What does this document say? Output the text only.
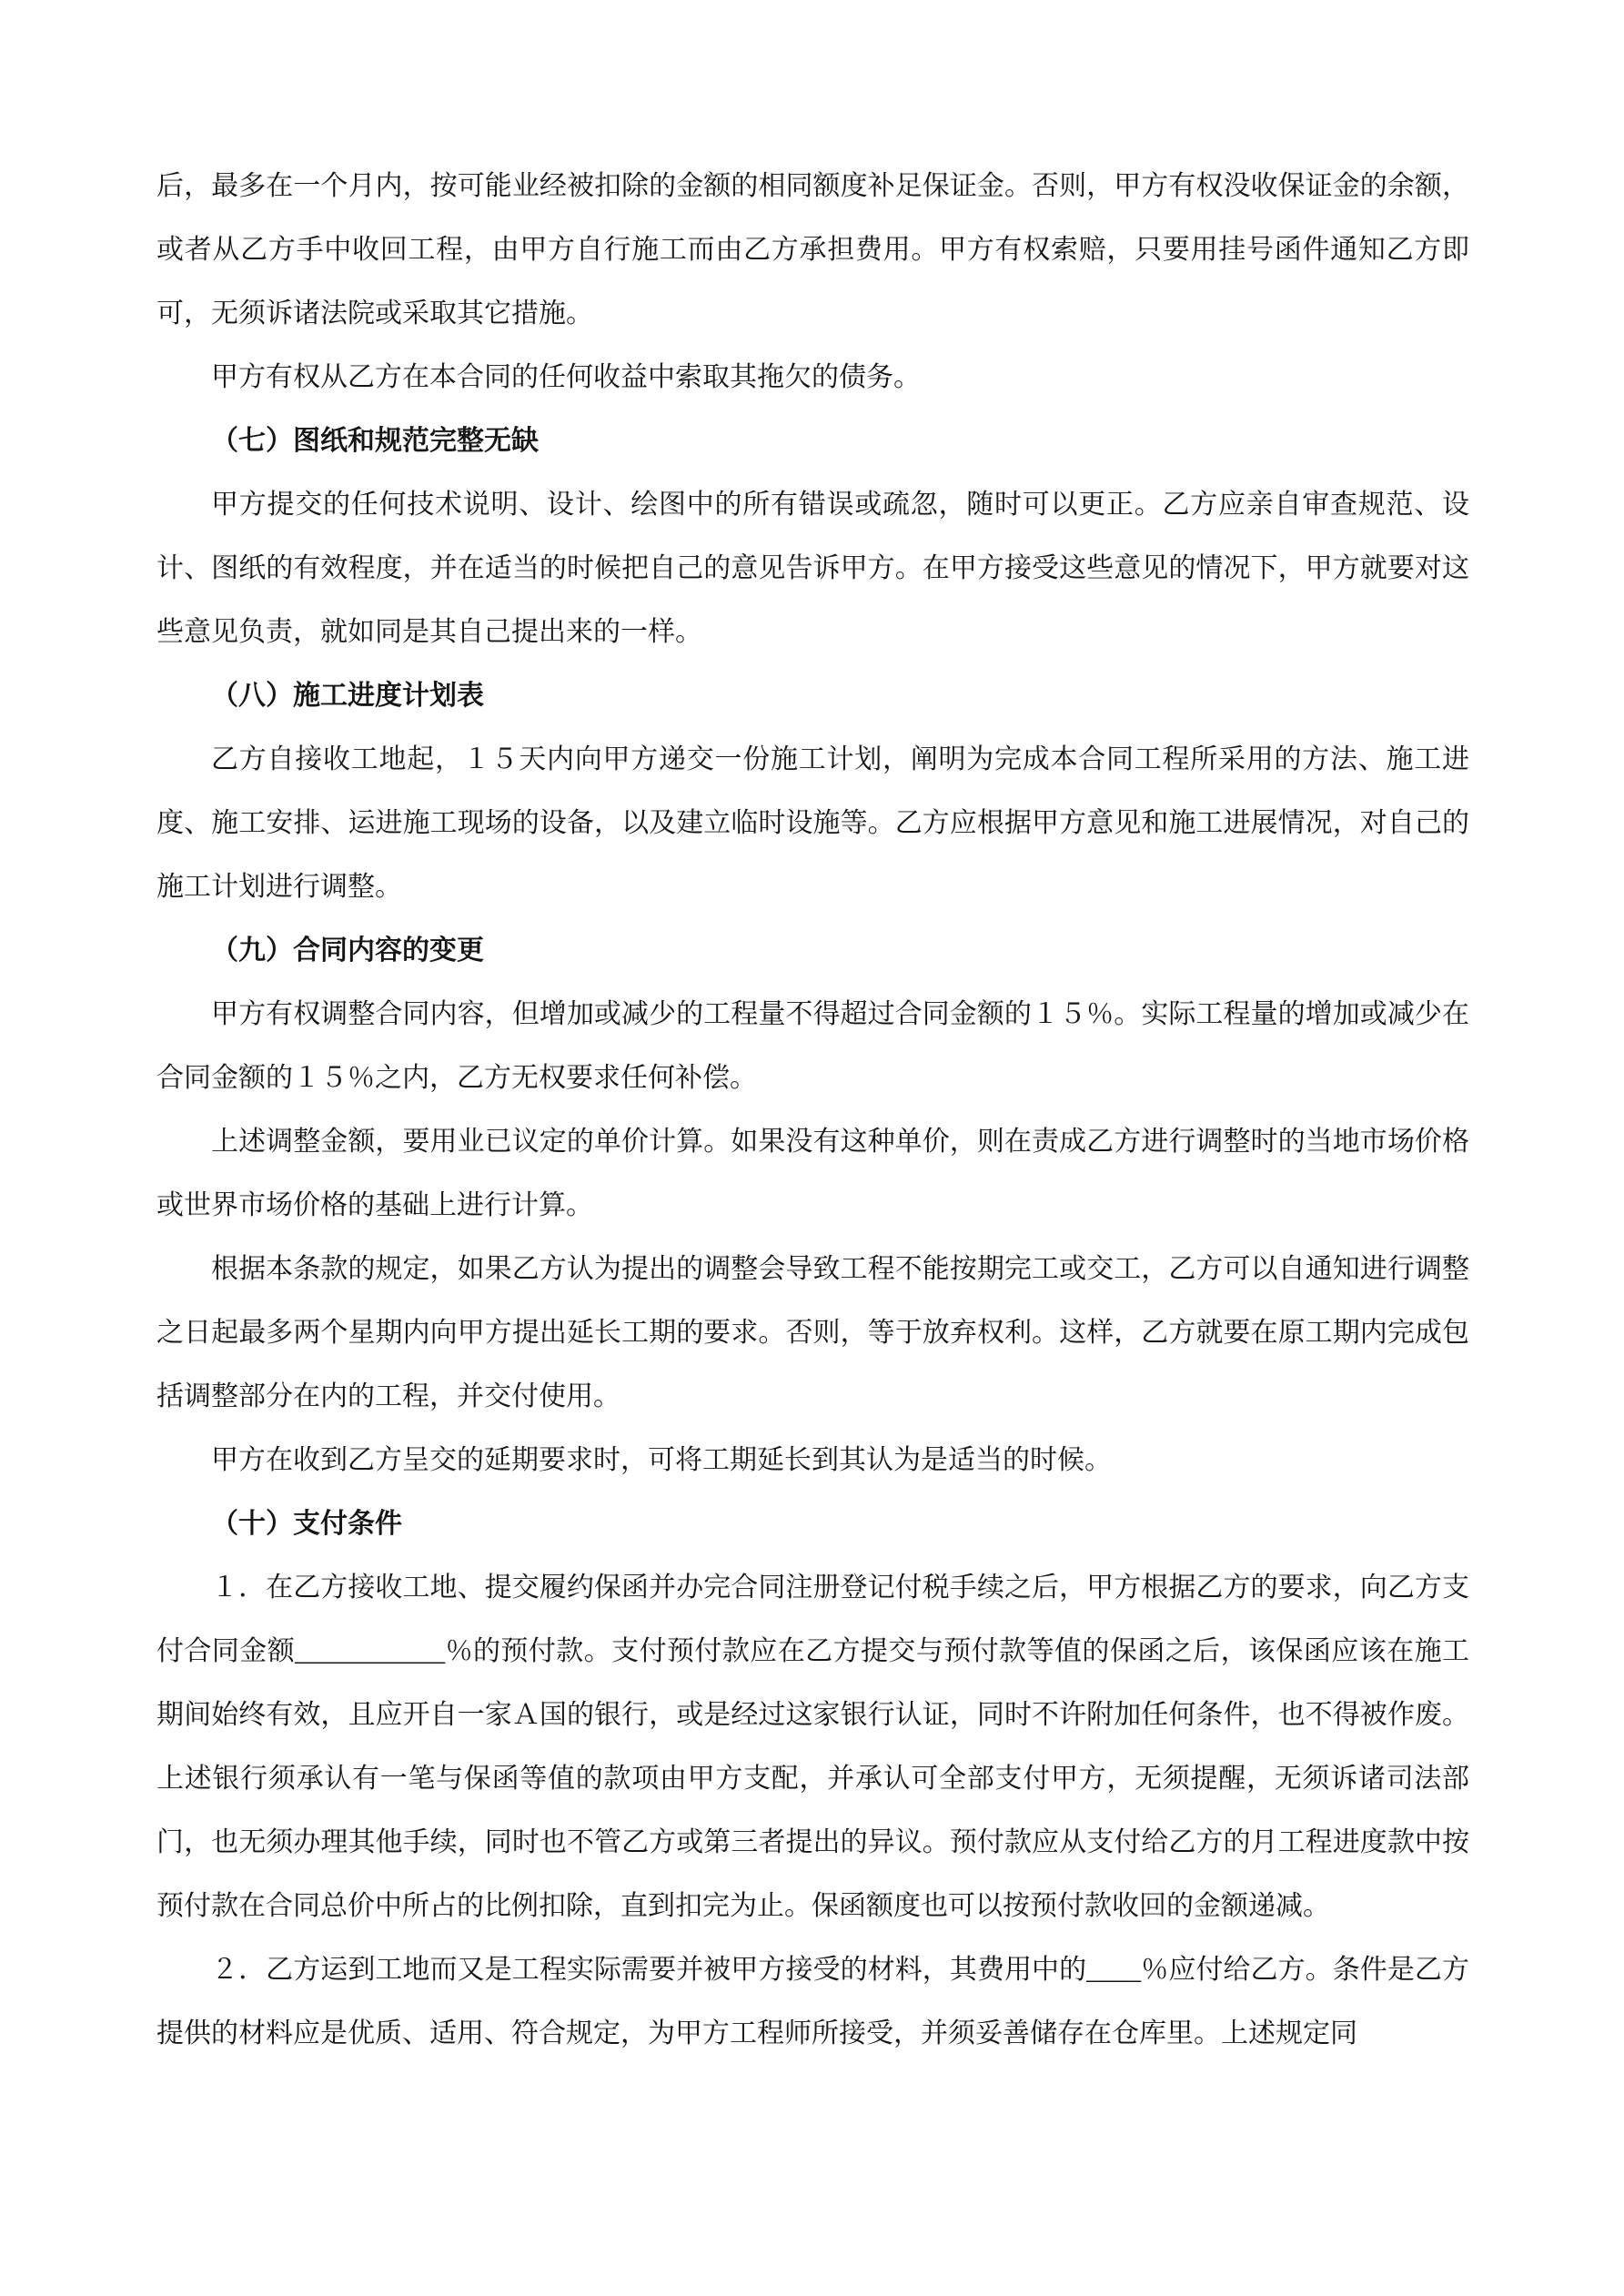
后，最多在一个月内，按可能业经被扣除的金额的相同额度补足保证金。否则，甲方有权没收保证金的余额，或者从乙方手中收回工程，由甲方自行施工而由乙方承担费用。甲方有权索赔，只要用挂号函件通知乙方即可，无须诉诸法院或采取其它措施。

甲方有权从乙方在本合同的任何收益中索取其拖欠的债务。

（七）图纸和规范完整无缺

甲方提交的任何技术说明、设计、绘图中的所有错误或疏忽，随时可以更正。乙方应亲自审查规范、设计、图纸的有效程度，并在适当的时候把自己的意见告诉甲方。在甲方接受这些意见的情况下，甲方就要对这些意见负责，就如同是其自己提出来的一样。

（八）施工进度计划表

乙方自接收工地起，１５天内向甲方递交一份施工计划，阐明为完成本合同工程所采用的方法、施工进度、施工安排、运进施工现场的设备，以及建立临时设施等。乙方应根据甲方意见和施工进展情况，对自己的施工计划进行调整。

（九）合同内容的变更

甲方有权调整合同内容，但增加或减少的工程量不得超过合同金额的１５％。实际工程量的增加或减少在合同金额的１５％之内，乙方无权要求任何补偿。

上述调整金额，要用业已议定的单价计算。如果没有这种单价，则在责成乙方进行调整时的当地市场价格或世界市场价格的基础上进行计算。

根据本条款的规定，如果乙方认为提出的调整会导致工程不能按期完工或交工，乙方可以自通知进行调整之日起最多两个星期内向甲方提出延长工期的要求。否则，等于放弃权利。这样，乙方就要在原工期内完成包括调整部分在内的工程，并交付使用。

甲方在收到乙方呈交的延期要求时，可将工期延长到其认为是适当的时候。

（十）支付条件

１．在乙方接收工地、提交履约保函并办完合同注册登记付税手续之后，甲方根据乙方的要求，向乙方支付合同金额___________％的预付款。支付预付款应在乙方提交与预付款等值的保函之后，该保函应该在施工期间始终有效，且应开自一家Ａ国的银行，或是经过这家银行认证，同时不许附加任何条件，也不得被作废。上述银行须承认有一笔与保函等值的款项由甲方支配，并承认可全部支付甲方，无须提醒，无须诉诸司法部门，也无须办理其他手续，同时也不管乙方或第三者提出的异议。预付款应从支付给乙方的月工程进度款中按预付款在合同总价中所占的比例扣除，直到扣完为止。保函额度也可以按预付款收回的金额递减。

２．乙方运到工地而又是工程实际需要并被甲方接受的材料，其费用中的____％应付给乙方。条件是乙方提供的材料应是优质、适用、符合规定，为甲方工程师所接受，并须妥善储存在仓库里。上述规定同
